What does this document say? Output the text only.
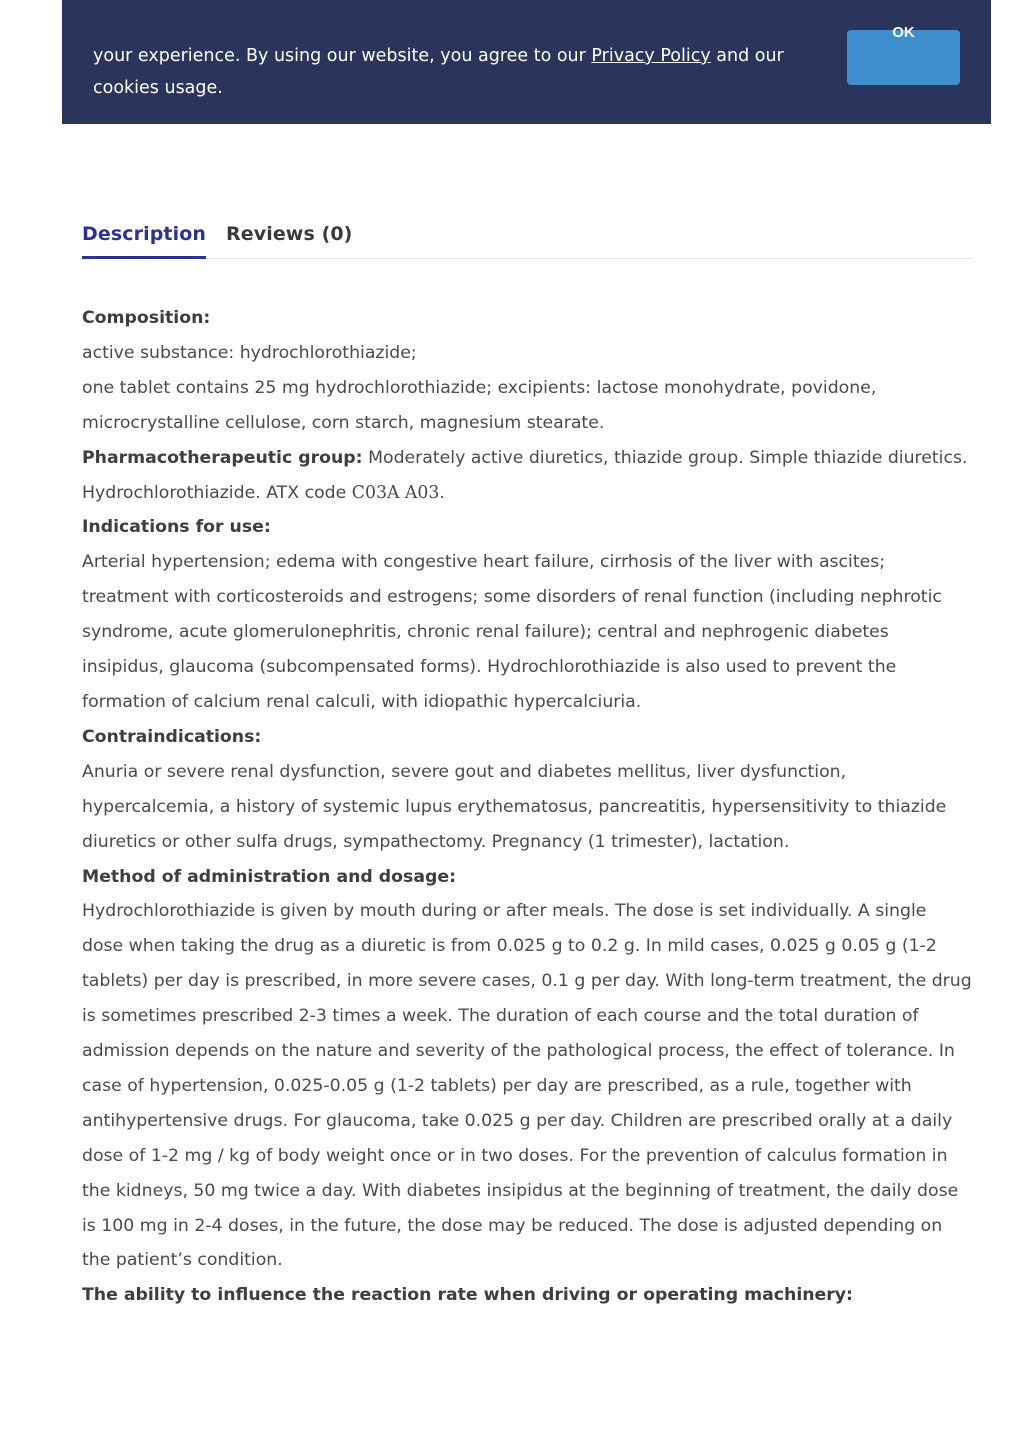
your experience. By using our website, you agree to our Privacy Policy and our cookies usage.
OK
Description Reviews (0)

Composition:

active substance: hydrochlorothiazide;

one tablet contains 25 mg hydrochlorothiazide; excipients: lactose monohydrate, povidone, microcrystalline cellulose, corn starch, magnesium stearate.

Pharmacotherapeutic group: Moderately active diuretics, thiazide group. Simple thiazide diuretics. Hydrochlorothiazide. ATX code C03A A03.

Indications for use:

Arterial hypertension; edema with congestive heart failure, cirrhosis of the liver with ascites; treatment with corticosteroids and estrogens; some disorders of renal function (including nephrotic syndrome, acute glomerulonephritis, chronic renal failure); central and nephrogenic diabetes insipidus, glaucoma (subcompensated forms). Hydrochlorothiazide is also used to prevent the formation of calcium renal calculi, with idiopathic hypercalciuria.

Contraindications:

Anuria or severe renal dysfunction, severe gout and diabetes mellitus, liver dysfunction, hypercalcemia, a history of systemic lupus erythematosus, pancreatitis, hypersensitivity to thiazide diuretics or other sulfa drugs, sympathectomy. Pregnancy (1 trimester), lactation.

Method of administration and dosage:

Hydrochlorothiazide is given by mouth during or after meals. The dose is set individually. A single dose when taking the drug as a diuretic is from 0.025 g to 0.2 g. In mild cases, 0.025 g 0.05 g (1-2 tablets) per day is prescribed, in more severe cases, 0.1 g per day. With long-term treatment, the drug is sometimes prescribed 2-3 times a week. The duration of each course and the total duration of admission depends on the nature and severity of the pathological process, the effect of tolerance. In case of hypertension, 0.025-0.05 g (1-2 tablets) per day are prescribed, as a rule, together with antihypertensive drugs. For glaucoma, take 0.025 g per day. Children are prescribed orally at a daily dose of 1-2 mg / kg of body weight once or in two doses. For the prevention of calculus formation in the kidneys, 50 mg twice a day. With diabetes insipidus at the beginning of treatment, the daily dose is 100 mg in 2-4 doses, in the future, the dose may be reduced. The dose is adjusted depending on the patient’s condition.

The ability to influence the reaction rate when driving or operating machinery:
